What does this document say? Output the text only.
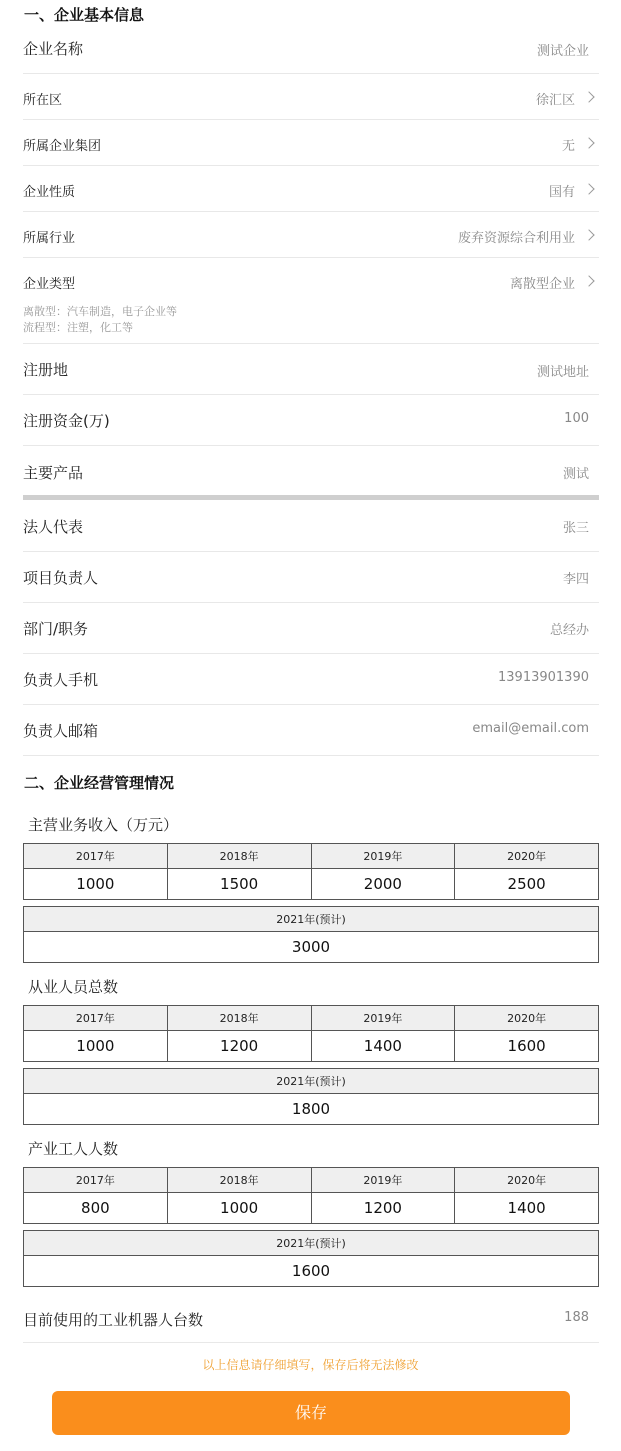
一、企业基本信息
企业名称	测试企业
所在区	徐汇区
所属企业集团	无
企业性质	国有
所属行业	废弃资源综合利用业
企业类型	离散型企业
离散型：汽车制造，电子企业等
流程型：注塑，化工等
注册地	测试地址
注册资金(万)	100
主要产品	测试
法人代表	张三
项目负责人	李四
部门/职务	总经办
负责人手机	13913901390
负责人邮箱	email@email.com
二、企业经营管理情况
主营业务收入（万元）
2017年	2018年	2019年	2020年
1000	1500	2000	2500
2021年(预计)
3000
从业人员总数
2017年	2018年	2019年	2020年
1000	1200	1400	1600
2021年(预计)
1800
产业工人人数
2017年	2018年	2019年	2020年
800	1000	1200	1400
2021年(预计)
1600
目前使用的工业机器人台数	188
以上信息请仔细填写，保存后将无法修改
保存
